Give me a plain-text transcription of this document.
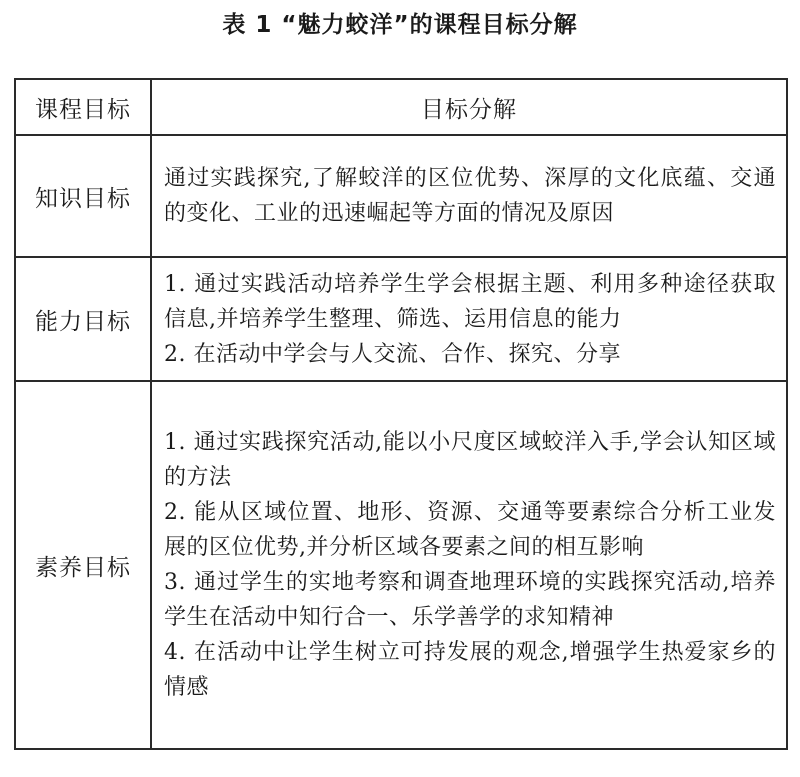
表 1 “魅力蛟洋”的课程目标分解
课程目标	目标分解
知识目标	通过实践探究,了解蛟洋的区位优势、深厚的文化底蕴、交通的变化、工业的迅速崛起等方面的情况及原因

能力目标	1. 通过实践活动培养学生学会根据主题、利用多种途径获取信息,并培养学生整理、筛选、运用信息的能力
2. 在活动中学会与人交流、合作、探究、分享

素养目标	1. 通过实践探究活动,能以小尺度区域蛟洋入手,学会认知区域的方法
2. 能从区域位置、地形、资源、交通等要素综合分析工业发展的区位优势,并分析区域各要素之间的相互影响
3. 通过学生的实地考察和调查地理环境的实践探究活动,培养学生在活动中知行合一、乐学善学的求知精神
4. 在活动中让学生树立可持发展的观念,增强学生热爱家乡的情感
